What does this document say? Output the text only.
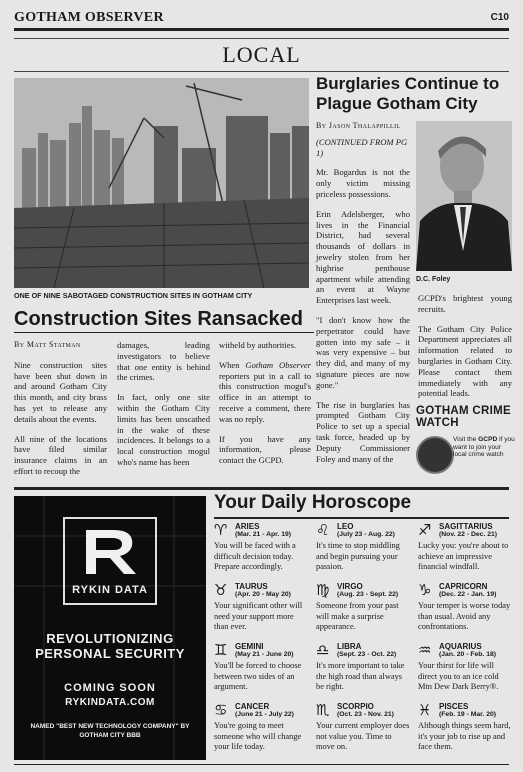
GOTHAM OBSERVER	C10
LOCAL
ONE OF NINE SABOTAGED CONSTRUCTION SITES IN GOTHAM CITY
Construction Sites Ransacked
By Matt Statman

Nine construction sites have been shut down in and around Gotham City this month, and city brass has yet to release any details about the events.

All nine of the locations have filed similar insurance claims in an effort to recoup the

damages, leading investigators to believe that one entity is behind the crimes.

In fact, only one site within the Gotham City limits has been unscathed in the wake of these incidences. It belongs to a local construction mogul who's name has been

witheld by authorities.

When Gotham Observer reporters put in a call to this construction mogul's office in an attempt to receive a comment, there was no reply.

If you have any information, please contact the GCPD.

Burglaries Continue to Plague Gotham City
By Jason Thalappillil

(CONTINUED FROM PG 1)

Mr. Bogardus is not the only victim missing priceless possessions.

Erin Adelsberger, who lives in the Financial District, had several thousands of dollars in jewelry stolen from her highrise penthouse apartment while attending an event at Wayne Enterprises last week.

"I don't know how the perpetrator could have gotten into my safe – it was very expensive – but they did, and many of my signature pieces are now gone."

The rise in burglaries has prompted Gotham City Police to set up a special task force, headed up by Deputy Commissioner Foley and many of the

D.C. Foley

GCPD's brightest young recruits.

The Gotham City Police Department appreciates all information related to burglaries in Gotham City. Please contact them immediately with any potential leads.

GOTHAM CRIME WATCH
Visit the GCPD if you want to join your local crime watch
RYKIN DATA
REVOLUTIONIZING PERSONAL SECURITY
COMING SOON
RYKINDATA.COM
NAMED "BEST NEW TECHNOLOGY COMPANY" BY GOTHAM CITY BBB
Your Daily Horoscope
♈ ARIES
(Mar. 21 - Apr. 19)
You will be faced with a difficult decision today. Prepare accordingly.
♌ LEO
(July 23 - Aug. 22)
It's time to stop middling and begin pursuing your passion.
♐ SAGITTARIUS
(Nov. 22 - Dec. 21)
Lucky you: you're about to achieve an impressive financial windfall.
♉ TAURUS
(Apr. 20 - May 20)
Your significant other will need your support more than ever.
♍ VIRGO
(Aug. 23 - Sept. 22)
Someone from your past will make a surprise appearance.
♑ CAPRICORN
(Dec. 22 - Jan. 19)
Your temper is worse today than usual. Avoid any confrontations.
♊ GEMINI
(May 21 - June 20)
You'll be forced to choose between two sides of an argument.
♎ LIBRA
(Sept. 23 - Oct. 22)
It's more important to take the high road than always be right.
♒ AQUARIUS
(Jan. 20 - Feb. 18)
Your thirst for life will direct you to an ice cold Mtn Dew Dark Berry®.
♋ CANCER
(June 21 - July 22)
You're going to meet someone who will change your life today.
♏ SCORPIO
(Oct. 23 - Nov. 21)
Your current employer does not value you. Time to move on.
♓ PISCES
(Feb. 19 - Mar. 20)
Although things seem hard, it's your job to rise up and face them.
